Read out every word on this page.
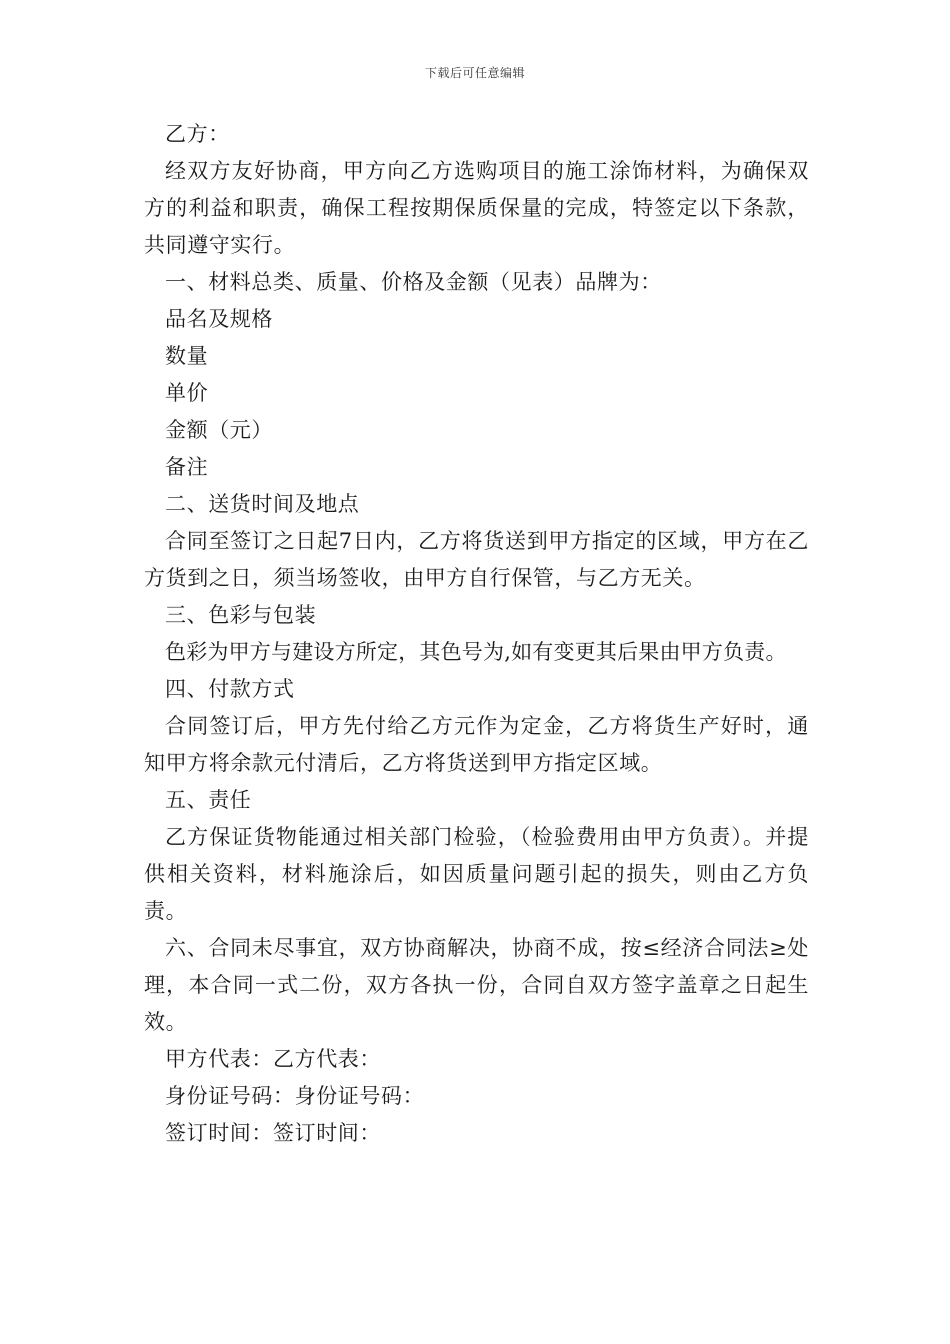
下载后可任意编辑

乙方：

经双方友好协商，甲方向乙方选购项目的施工涂饰材料，为确保双方的利益和职责，确保工程按期保质保量的完成，特签定以下条款，共同遵守实行。

一、材料总类、质量、价格及金额（见表）品牌为：

品名及规格

数量

单价

金额（元）

备注

二、送货时间及地点

合同至签订之日起7日内，乙方将货送到甲方指定的区域，甲方在乙方货到之日，须当场签收，由甲方自行保管，与乙方无关。

三、色彩与包装

色彩为甲方与建设方所定，其色号为,如有变更其后果由甲方负责。

四、付款方式

合同签订后，甲方先付给乙方元作为定金，乙方将货生产好时，通知甲方将余款元付清后，乙方将货送到甲方指定区域。

五、责任

乙方保证货物能通过相关部门检验，（检验费用由甲方负责）。并提供相关资料，材料施涂后，如因质量问题引起的损失，则由乙方负责。

六、合同未尽事宜，双方协商解决，协商不成，按≤经济合同法≥处理，本合同一式二份，双方各执一份，合同自双方签字盖章之日起生效。

甲方代表：乙方代表：

身份证号码：身份证号码：

签订时间：签订时间：
